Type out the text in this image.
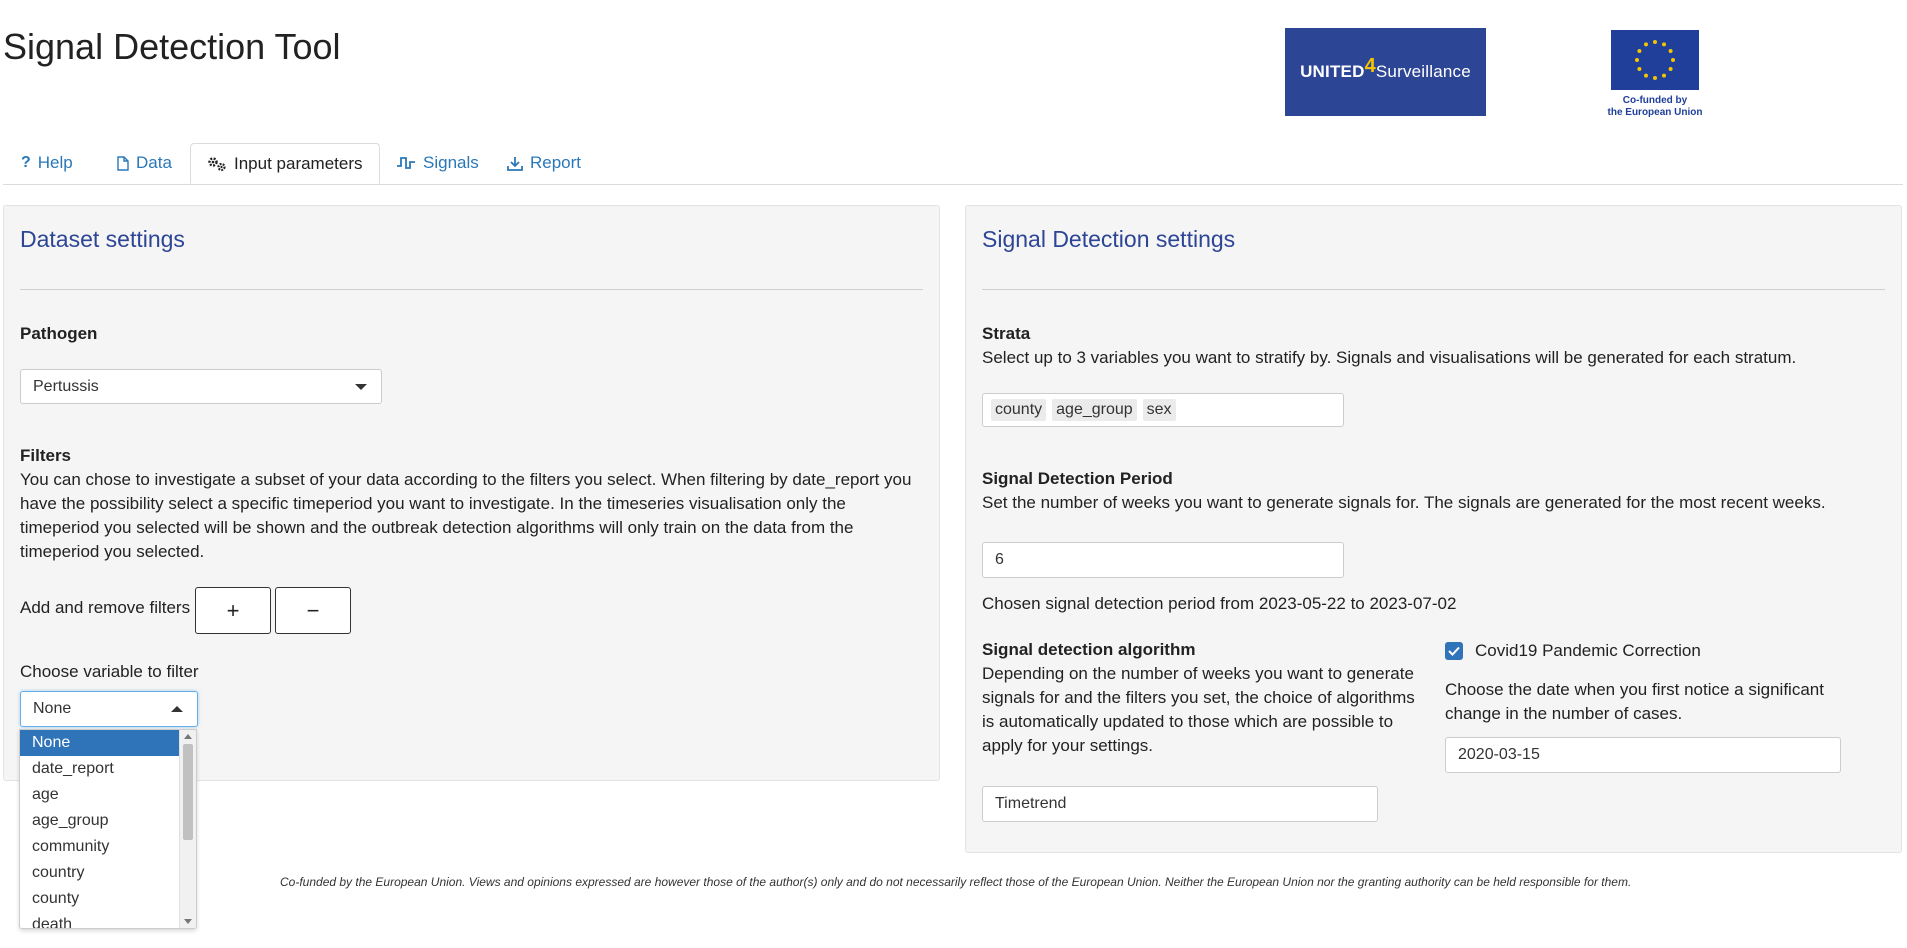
Signal Detection Tool
UNITED 4 Surveillance
Co-funded by
the European Union
? Help	Data	Input parameters	Signals	Report
Dataset settings
Pathogen
Pertussis
Filters
You can chose to investigate a subset of your data according to the filters you select. When filtering by date_report you have the possibility select a specific timeperiod you want to investigate. In the timeseries visualisation only the timeperiod you selected will be shown and the outbreak detection algorithms will only train on the data from the timeperiod you selected.
Add and remove filters	+	−
Choose variable to filter
None
None
date_report
age
age_group
community
country
county
death
Signal Detection settings
Strata
Select up to 3 variables you want to stratify by. Signals and visualisations will be generated for each stratum.
county age_group sex
Signal Detection Period
Set the number of weeks you want to generate signals for. The signals are generated for the most recent weeks.
6
Chosen signal detection period from 2023-05-22 to 2023-07-02
Signal detection algorithm
Depending on the number of weeks you want to generate signals for and the filters you set, the choice of algorithms is automatically updated to those which are possible to apply for your settings.
Timetrend
Covid19 Pandemic Correction
Choose the date when you first notice a significant change in the number of cases.
2020-03-15
Co-funded by the European Union. Views and opinions expressed are however those of the author(s) only and do not necessarily reflect those of the European Union. Neither the European Union nor the granting authority can be held responsible for them.
